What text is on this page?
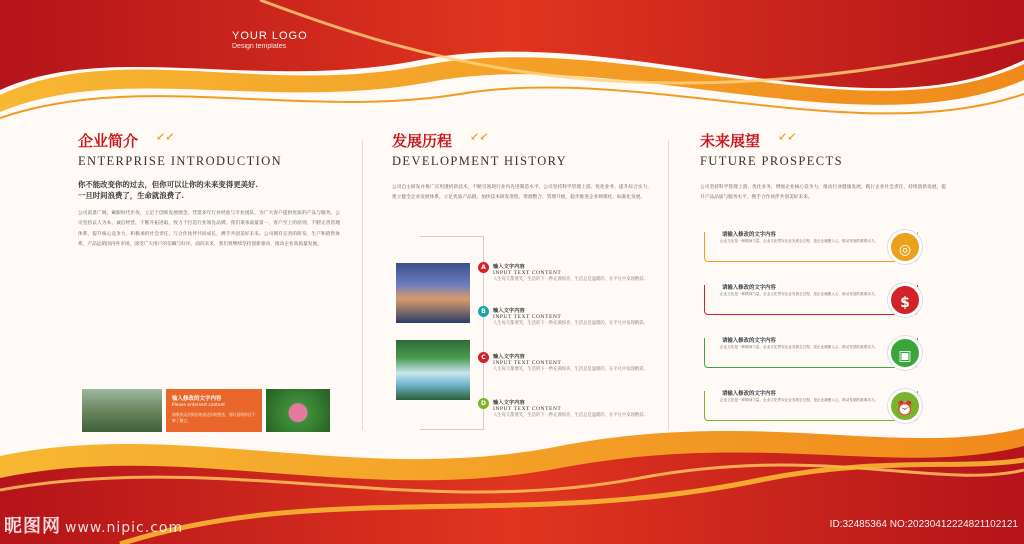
YOUR LOGO
Design templates
企业简介 ↙↙
ENTERPRISE INTRODUCTION
你不能改变你的过去，但你可以让你的未来变得更美好.
一旦时间浪费了，生命就浪费了.
公司前景广阔，紧跟时代步伐，立足于创新发展理念，凭借多年行业经验与专业团队，为广大客户提供优质的产品与服务。公司坚持以人为本，诚信经营，不断开拓进取，致力于打造行业领先品牌。我们秉承质量第一、客户至上的原则，不断完善管理体系，提升核心竞争力，积极承担社会责任，与合作伙伴共同成长，携手共创美好未来。公司拥有完善的研发、生产和销售体系，产品远销国内外市场，深受广大用户的信赖与好评。面向未来，我们将继续坚持创新驱动，推动企业高质量发展。
输入修改的文字内容
Please entersert content
如果你无法简洁的表达你的想法，那只说明你还不够了解它。
发展历程 ↙↙
DEVELOPMENT HISTORY
公司自主研发并推广应用透析新技术，不断引领现行业内先进制造水平。公司坚持科学管理上游，优化业务、提升综合实力，建立健全企业发展体系。立足优质产品链，加快技术研发进程、资源整合、管理升级，稳步推进企业规模化、标准化发展。
A	输入文字内容
INPUT TEXT CONTENT
人生每天都要笑，生活的下一秒充满惊喜，生活总是温暖的，在平凡中发现精彩。
B	输入文字内容
INPUT TEXT CONTENT
人生每天都要笑，生活的下一秒充满惊喜，生活总是温暖的，在平凡中发现精彩。
C	输入文字内容
INPUT TEXT CONTENT
人生每天都要笑，生活的下一秒充满惊喜，生活总是温暖的，在平凡中发现精彩。
D	输入文字内容
INPUT TEXT CONTENT
人生每天都要笑，生活的下一秒充满惊喜，生活总是温暖的，在平凡中发现精彩。
未来展望 ↙↙
FUTURE PROSPECTS
公司坚持科学管理上游，优化业务，增强企业核心竞争力，推动行业健康发展，践行企业社会责任，持续创新发展，提升产品品质与服务水平，携手合作伙伴共创美好未来。
请输入修改的文字内容
企业文化是一种精神力量，企业文化贯穿企业发展全过程，是企业凝聚人心、推动发展的重要动力。
◎
请输入修改的文字内容
企业文化是一种精神力量，企业文化贯穿企业发展全过程，是企业凝聚人心、推动发展的重要动力。
$
请输入修改的文字内容
企业文化是一种精神力量，企业文化贯穿企业发展全过程，是企业凝聚人心、推动发展的重要动力。
▣
请输入修改的文字内容
企业文化是一种精神力量，企业文化贯穿企业发展全过程，是企业凝聚人心、推动发展的重要动力。
⏰
昵图网 www.nipic.com	ID:32485364 NO:20230412224821102121
